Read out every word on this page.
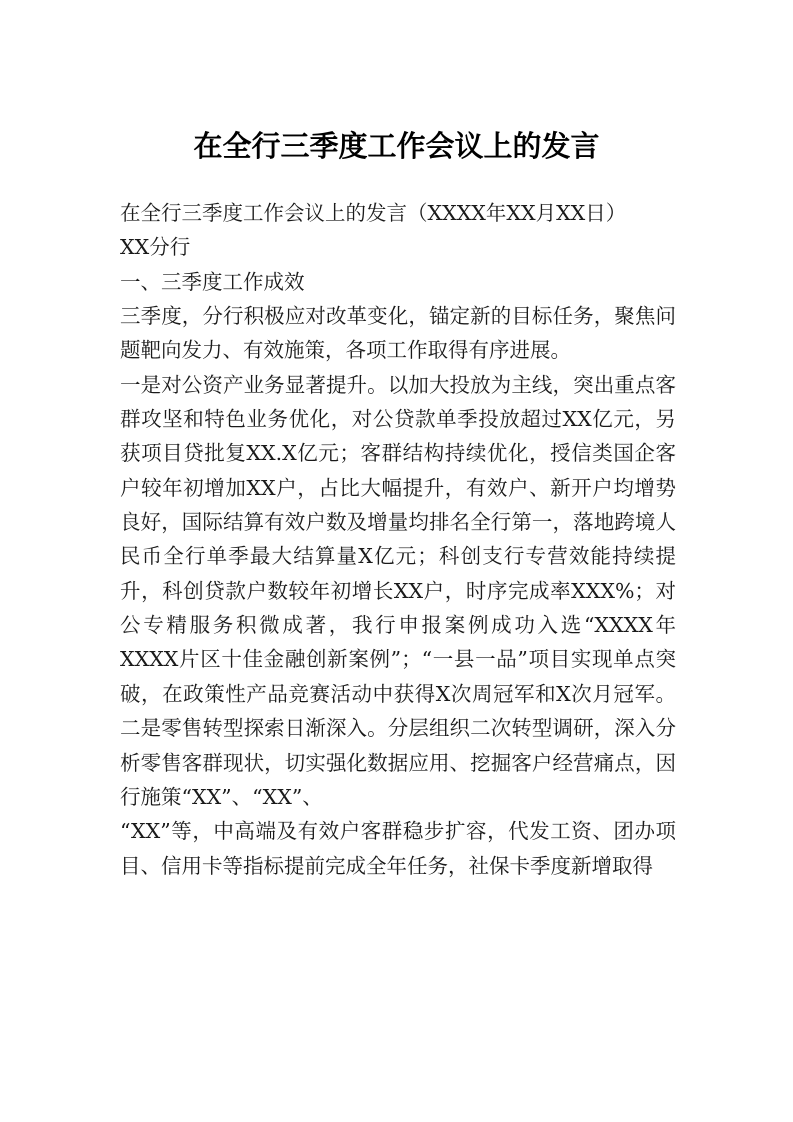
在全行三季度工作会议上的发言

在全行三季度工作会议上的发言（XXXX年XX月XX日）

XX分行

一、三季度工作成效

三季度，分行积极应对改革变化，锚定新的目标任务，聚焦问题靶向发力、有效施策，各项工作取得有序进展。

一是对公资产业务显著提升。以加大投放为主线，突出重点客群攻坚和特色业务优化，对公贷款单季投放超过XX亿元，另获项目贷批复XX.X亿元；客群结构持续优化，授信类国企客户较年初增加XX户，占比大幅提升，有效户、新开户均增势良好，国际结算有效户数及增量均排名全行第一，落地跨境人民币全行单季最大结算量X亿元；科创支行专营效能持续提升，科创贷款户数较年初增长XX户，时序完成率XXX%；对公专精服务积微成著，我行申报案例成功入选“XXXX年XXXX片区十佳金融创新案例”；“一县一品”项目实现单点突破，在政策性产品竞赛活动中获得X次周冠军和X次月冠军。二是零售转型探索日渐深入。分层组织二次转型调研，深入分析零售客群现状，切实强化数据应用、挖掘客户经营痛点，因行施策“XX”、“XX”、

“XX”等，中高端及有效户客群稳步扩容，代发工资、团办项目、信用卡等指标提前完成全年任务，社保卡季度新增取得
